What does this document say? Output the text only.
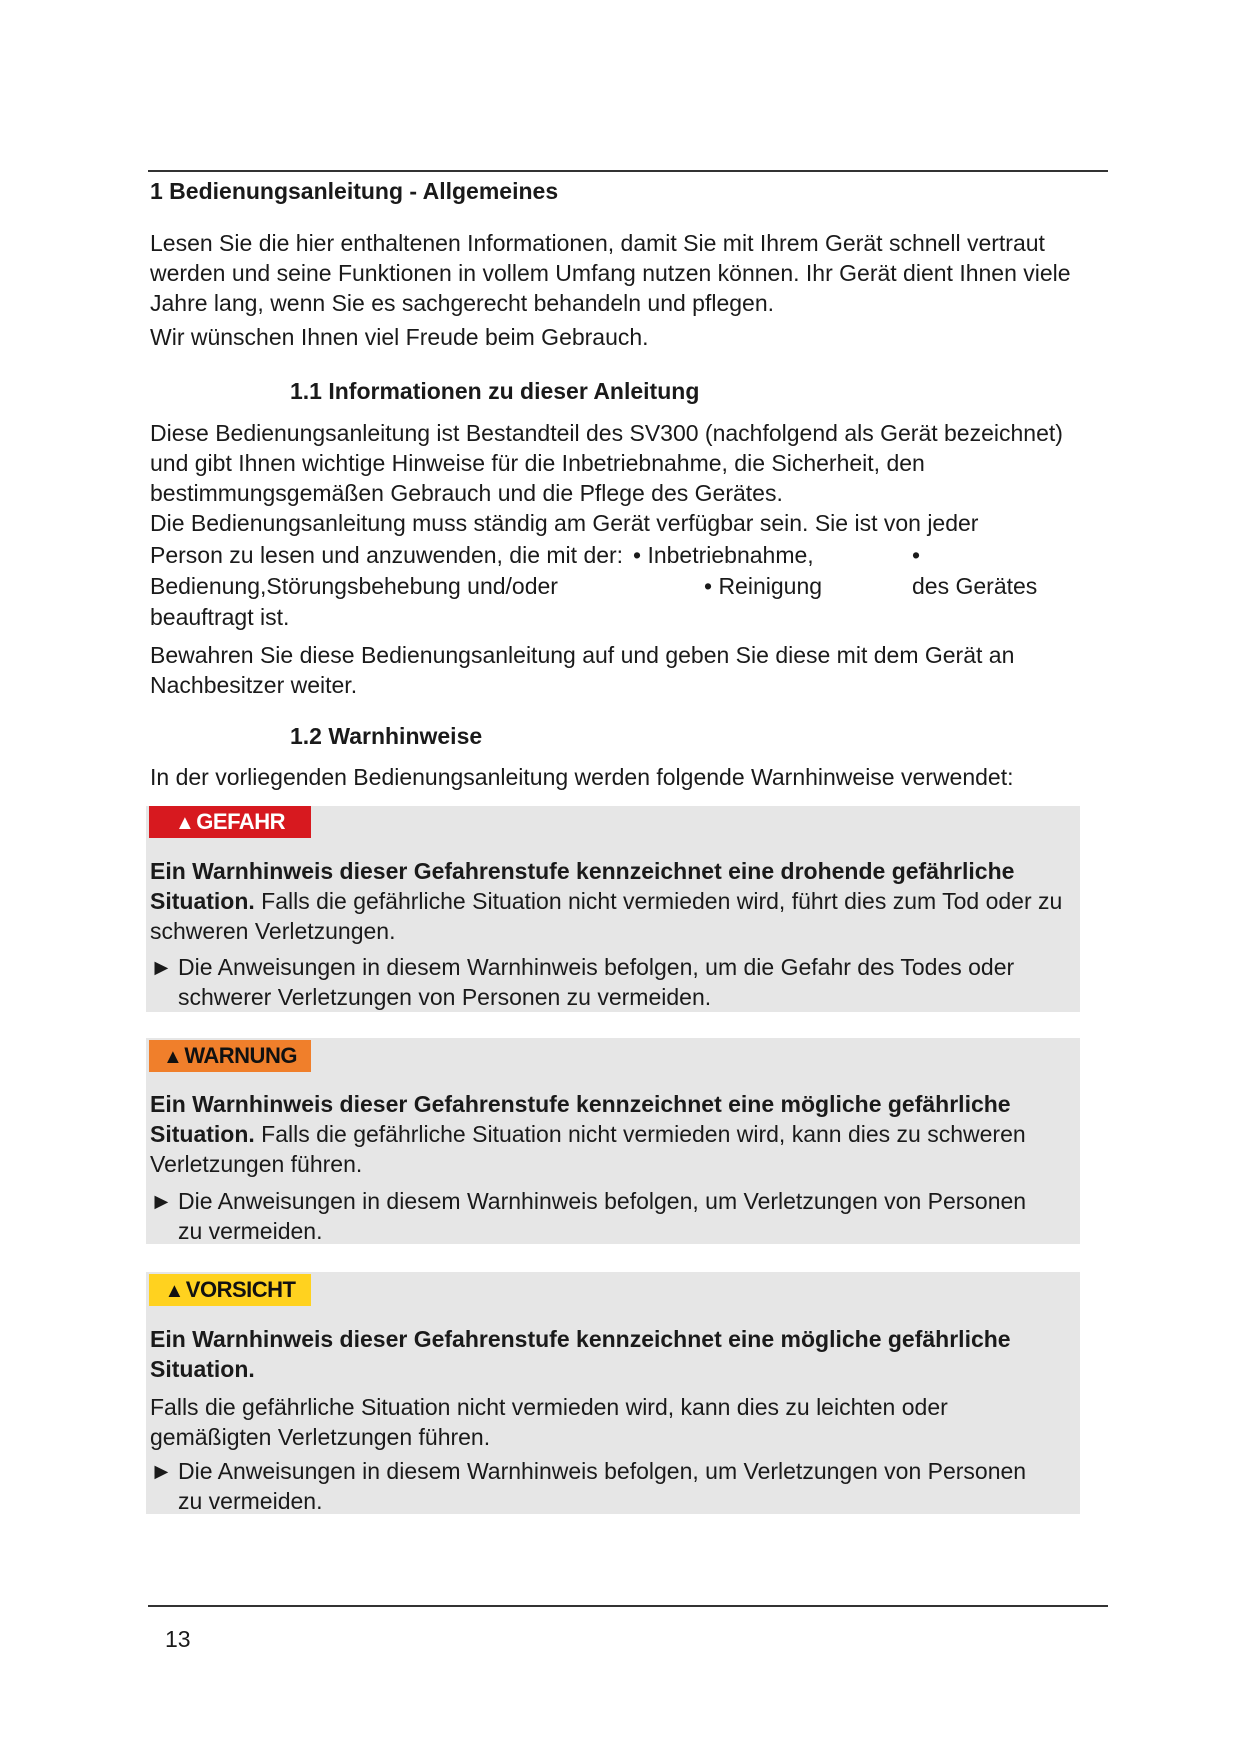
1 Bedienungsanleitung - Allgemeines

Lesen Sie die hier enthaltenen Informationen, damit Sie mit Ihrem Gerät schnell vertraut werden und seine Funktionen in vollem Umfang nutzen können. Ihr Gerät dient Ihnen viele Jahre lang, wenn Sie es sachgerecht behandeln und pflegen.

Wir wünschen Ihnen viel Freude beim Gebrauch.

1.1 Informationen zu dieser Anleitung

Diese Bedienungsanleitung ist Bestandteil des SV300 (nachfolgend als Gerät bezeichnet) und gibt Ihnen wichtige Hinweise für die Inbetriebnahme, die Sicherheit, den bestimmungsgemäßen Gebrauch und die Pflege des Gerätes.

Die Bedienungsanleitung muss ständig am Gerät verfügbar sein. Sie ist von jeder
Person zu lesen und anzuwenden, die mit der: • Inbetriebnahme,	•
Bedienung,Störungsbehebung und/oder	• Reinigung	des Gerätes
beauftragt ist.

Bewahren Sie diese Bedienungsanleitung auf und geben Sie diese mit dem Gerät an Nachbesitzer weiter.

1.2 Warnhinweise

In der vorliegenden Bedienungsanleitung werden folgende Warnhinweise verwendet:

▲GEFAHR

Ein Warnhinweis dieser Gefahrenstufe kennzeichnet eine drohende gefährliche Situation. Falls die gefährliche Situation nicht vermieden wird, führt dies zum Tod oder zu schweren Verletzungen.

► Die Anweisungen in diesem Warnhinweis befolgen, um die Gefahr des Todes oder
schwerer Verletzungen von Personen zu vermeiden.
▲WARNUNG

Ein Warnhinweis dieser Gefahrenstufe kennzeichnet eine mögliche gefährliche Situation. Falls die gefährliche Situation nicht vermieden wird, kann dies zu schweren Verletzungen führen.

► Die Anweisungen in diesem Warnhinweis befolgen, um Verletzungen von Personen
zu vermeiden.
▲VORSICHT

Ein Warnhinweis dieser Gefahrenstufe kennzeichnet eine mögliche gefährliche Situation.

Falls die gefährliche Situation nicht vermieden wird, kann dies zu leichten oder gemäßigten Verletzungen führen.

► Die Anweisungen in diesem Warnhinweis befolgen, um Verletzungen von Personen
zu vermeiden.
13
